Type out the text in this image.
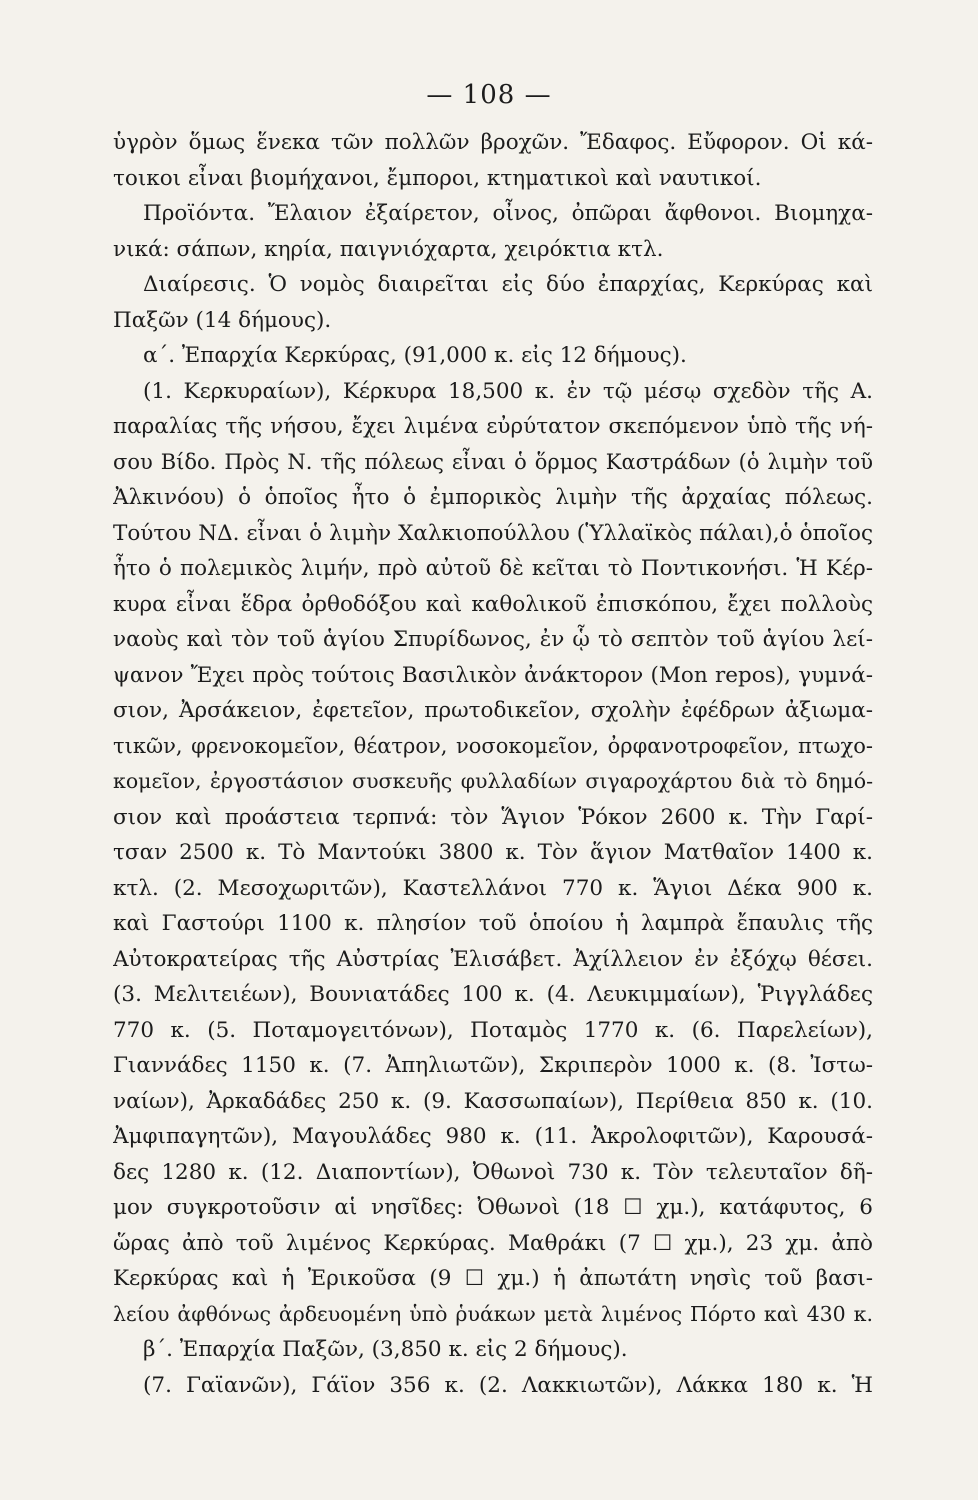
— 108 —
ὑγρὸν ὅμως ἕνεκα τῶν πολλῶν βροχῶν. Ἔδαφος. Εὔφορον. Οἱ κά-
τοικοι εἶναι βιομήχανοι, ἔμποροι, κτηματικοὶ καὶ ναυτικοί.
Προϊόντα. Ἔλαιον ἐξαίρετον, οἶνος, ὀπῶραι ἄφθονοι. Βιομηχα-
νικά: σάπων, κηρία, παιγνιόχαρτα, χειρόκτια κτλ.
Διαίρεσις. Ὁ νομὸς διαιρεῖται εἰς δύο ἐπαρχίας, Κερκύρας καὶ
Παξῶν (14 δήμους).
α΄. Ἐπαρχία Κερκύρας, (91,000 κ. εἰς 12 δήμους).
(1. Κερκυραίων), Κέρκυρα 18,500 κ. ἐν τῷ μέσῳ σχεδὸν τῆς Α.
παραλίας τῆς νήσου, ἔχει λιμένα εὐρύτατον σκεπόμενον ὑπὸ τῆς νή-
σου Βίδο. Πρὸς Ν. τῆς πόλεως εἶναι ὁ ὅρμος Καστράδων (ὁ λιμὴν τοῦ
Ἀλκινόου) ὁ ὁποῖος ἦτο ὁ ἐμπορικὸς λιμὴν τῆς ἀρχαίας πόλεως.
Τούτου ΝΔ. εἶναι ὁ λιμὴν Χαλκιοπούλλου (Ὑλλαϊκὸς πάλαι),ὁ ὁποῖος
ἦτο ὁ πολεμικὸς λιμήν, πρὸ αὐτοῦ δὲ κεῖται τὸ Ποντικονήσι. Ἡ Κέρ-
κυρα εἶναι ἕδρα ὀρθοδόξου καὶ καθολικοῦ ἐπισκόπου, ἔχει πολλοὺς
ναοὺς καὶ τὸν τοῦ ἁγίου Σπυρίδωνος, ἐν ᾧ τὸ σεπτὸν τοῦ ἁγίου λεί-
ψανον Ἔχει πρὸς τούτοις Βασιλικὸν ἀνάκτορον (Mon repos), γυμνά-
σιον, Ἀρσάκειον, ἐφετεῖον, πρωτοδικεῖον, σχολὴν ἐφέδρων ἀξιωμα-
τικῶν, φρενοκομεῖον, θέατρον, νοσοκομεῖον, ὀρφανοτροφεῖον, πτωχο-
κομεῖον, ἐργοστάσιον συσκευῆς φυλλαδίων σιγαροχάρτου διὰ τὸ δημό-
σιον καὶ προάστεια τερπνά: τὸν Ἅγιον Ῥόκον 2600 κ. Τὴν Γαρί-
τσαν 2500 κ. Τὸ Μαντούκι 3800 κ. Τὸν ἅγιον Ματθαῖον 1400 κ.
κτλ. (2. Μεσοχωριτῶν), Καστελλάνοι 770 κ. Ἅγιοι Δέκα 900 κ.
καὶ Γαστούρι 1100 κ. πλησίον τοῦ ὁποίου ἡ λαμπρὰ ἔπαυλις τῆς
Αὐτοκρατείρας τῆς Αὐστρίας Ἐλισάβετ. Ἀχίλλειον ἐν ἐξόχῳ θέσει.
(3. Μελιτειέων), Βουνιατάδες 100 κ. (4. Λευκιμμαίων), Ῥιγγλάδες
770 κ. (5. Ποταμογειτόνων), Ποταμὸς 1770 κ. (6. Παρελείων),
Γιαννάδες 1150 κ. (7. Ἀπηλιωτῶν), Σκριπερὸν 1000 κ. (8. Ἰστω-
ναίων), Ἀρκαδάδες 250 κ. (9. Κασσωπαίων), Περίθεια 850 κ. (10.
Ἀμφιπαγητῶν), Μαγουλάδες 980 κ. (11. Ἀκρολοφιτῶν), Καρουσά-
δες 1280 κ. (12. Διαποντίων), Ὀθωνοὶ 730 κ. Τὸν τελευταῖον δῆ-
μον συγκροτοῦσιν αἱ νησῖδες: Ὀθωνοὶ (18 ☐ χμ.), κατάφυτος, 6
ὥρας ἀπὸ τοῦ λιμένος Κερκύρας. Μαθράκι (7 ☐ χμ.), 23 χμ. ἀπὸ
Κερκύρας καὶ ἡ Ἐρικοῦσα (9 ☐ χμ.) ἡ ἀπωτάτη νησὶς τοῦ βασι-
λείου ἀφθόνως ἀρδευομένη ὑπὸ ῥυάκων μετὰ λιμένος Πόρτο καὶ 430 κ.
β΄. Ἐπαρχία Παξῶν, (3,850 κ. εἰς 2 δήμους).
(7. Γαϊανῶν), Γάϊον 356 κ. (2. Λακκιωτῶν), Λάκκα 180 κ. Ἡ
